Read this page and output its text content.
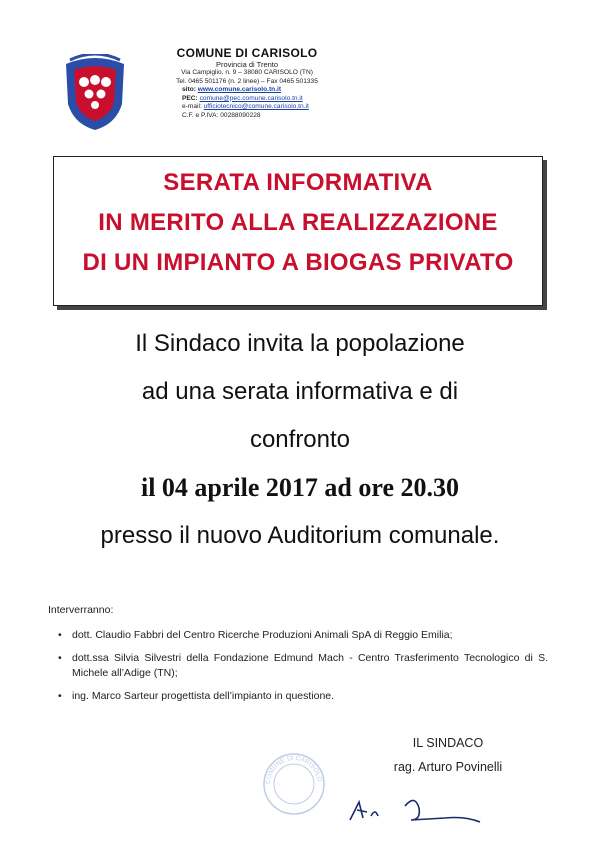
COMUNE DI CARISOLO
Provincia di Trento
Via Campiglio, n. 9 – 38080 CARISOLO (TN)
Tel. 0465 501176 (n. 2 linee) – Fax 0465 501335
sito: www.comune.carisolo.tn.it
PEC: comune@pec.comune.carisolo.tn.it
e-mail: ufficiotecnico@comune.carisolo.tn.it
C.F. e P.IVA: 00288090228
SERATA INFORMATIVA
IN MERITO ALLA REALIZZAZIONE
DI UN IMPIANTO A BIOGAS PRIVATO
Il Sindaco invita la popolazione
ad una serata informativa e di
confronto
il 04 aprile 2017 ad ore 20.30
presso il nuovo Auditorium comunale.
Interverranno:
• dott. Claudio Fabbri del Centro Ricerche Produzioni Animali SpA di Reggio Emilia;
• dott.ssa Silvia Silvestri della Fondazione Edmund Mach - Centro Trasferimento Tecnologico di S. Michele all’Adige (TN);
• ing. Marco Sarteur progettista dell’impianto in questione.
COMUNE DI CARISOLO
IL SINDACO
rag. Arturo Povinelli
